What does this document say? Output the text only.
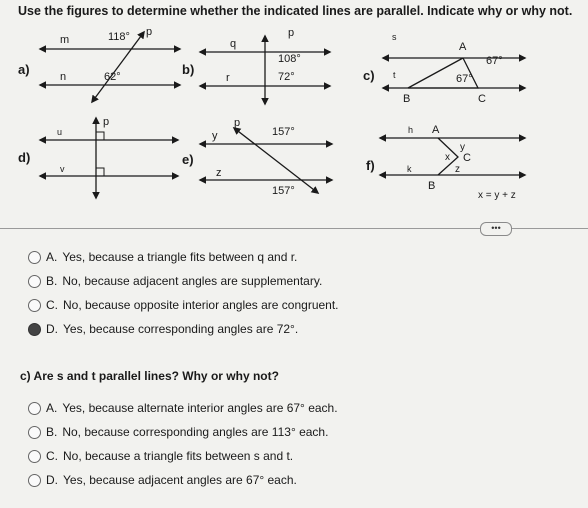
Use the figures to determine whether the indicated lines are parallel. Indicate why or why not.
m
n
p
118°
62°
q
r
p
108°
72°
s
t
A
B	C
67°
67°
u
v
p
y
z
p
157°
157°
h
k
A
B
C
x
y
z
x = y + z
a)	b)	c)
d)	e)	f)
•••
A. Yes, because a triangle fits between q and r.
B. No, because adjacent angles are supplementary.
C. No, because opposite interior angles are congruent.
D. Yes, because corresponding angles are 72°.
c) Are s and t parallel lines? Why or why not?
A. Yes, because alternate interior angles are 67° each.
B. No, because corresponding angles are 113° each.
C. No, because a triangle fits between s and t.
D. Yes, because adjacent angles are 67° each.
